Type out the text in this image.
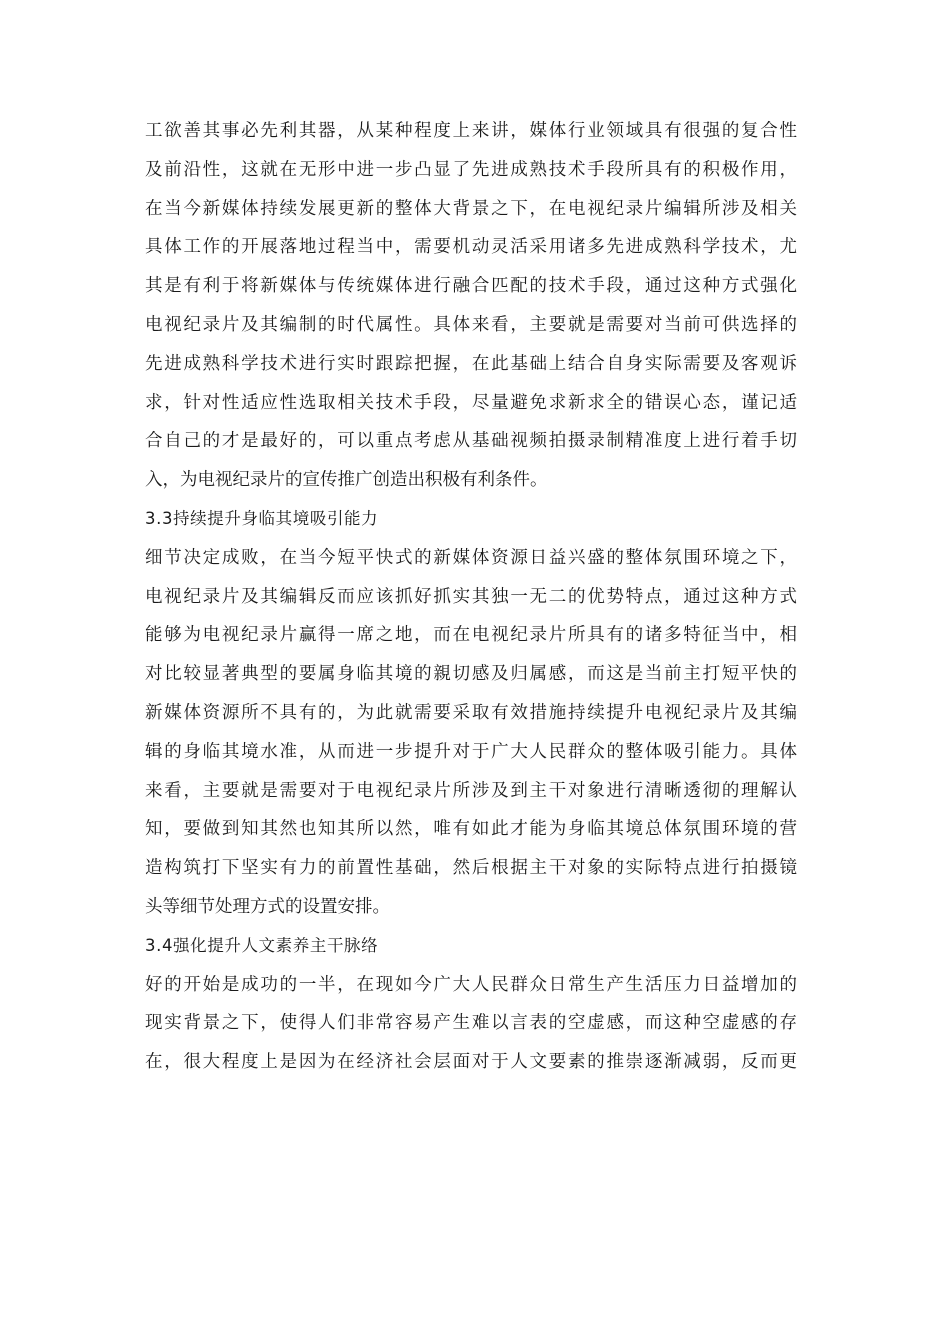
工欲善其事必先利其器，从某种程度上来讲，媒体行业领域具有很强的复合性
及前沿性，这就在无形中进一步凸显了先进成熟技术手段所具有的积极作用，
在当今新媒体持续发展更新的整体大背景之下，在电视纪录片编辑所涉及相关
具体工作的开展落地过程当中，需要机动灵活采用诸多先进成熟科学技术，尤
其是有利于将新媒体与传统媒体进行融合匹配的技术手段，通过这种方式强化
电视纪录片及其编制的时代属性。具体来看，主要就是需要对当前可供选择的
先进成熟科学技术进行实时跟踪把握，在此基础上结合自身实际需要及客观诉
求，针对性适应性选取相关技术手段，尽量避免求新求全的错误心态，谨记适
合自己的才是最好的，可以重点考虑从基础视频拍摄录制精准度上进行着手切
入，为电视纪录片的宣传推广创造出积极有利条件。
3.3持续提升身临其境吸引能力
细节决定成败，在当今短平快式的新媒体资源日益兴盛的整体氛围环境之下，
电视纪录片及其编辑反而应该抓好抓实其独一无二的优势特点，通过这种方式
能够为电视纪录片赢得一席之地，而在电视纪录片所具有的诸多特征当中，相
对比较显著典型的要属身临其境的親切感及归属感，而这是当前主打短平快的
新媒体资源所不具有的，为此就需要采取有效措施持续提升电视纪录片及其编
辑的身临其境水准，从而进一步提升对于广大人民群众的整体吸引能力。具体
来看，主要就是需要对于电视纪录片所涉及到主干对象进行清晰透彻的理解认
知，要做到知其然也知其所以然，唯有如此才能为身临其境总体氛围环境的营
造构筑打下坚实有力的前置性基础，然后根据主干对象的实际特点进行拍摄镜
头等细节处理方式的设置安排。
3.4强化提升人文素养主干脉络
好的开始是成功的一半，在现如今广大人民群众日常生产生活压力日益增加的
现实背景之下，使得人们非常容易产生难以言表的空虚感，而这种空虚感的存
在，很大程度上是因为在经济社会层面对于人文要素的推崇逐渐减弱，反而更
